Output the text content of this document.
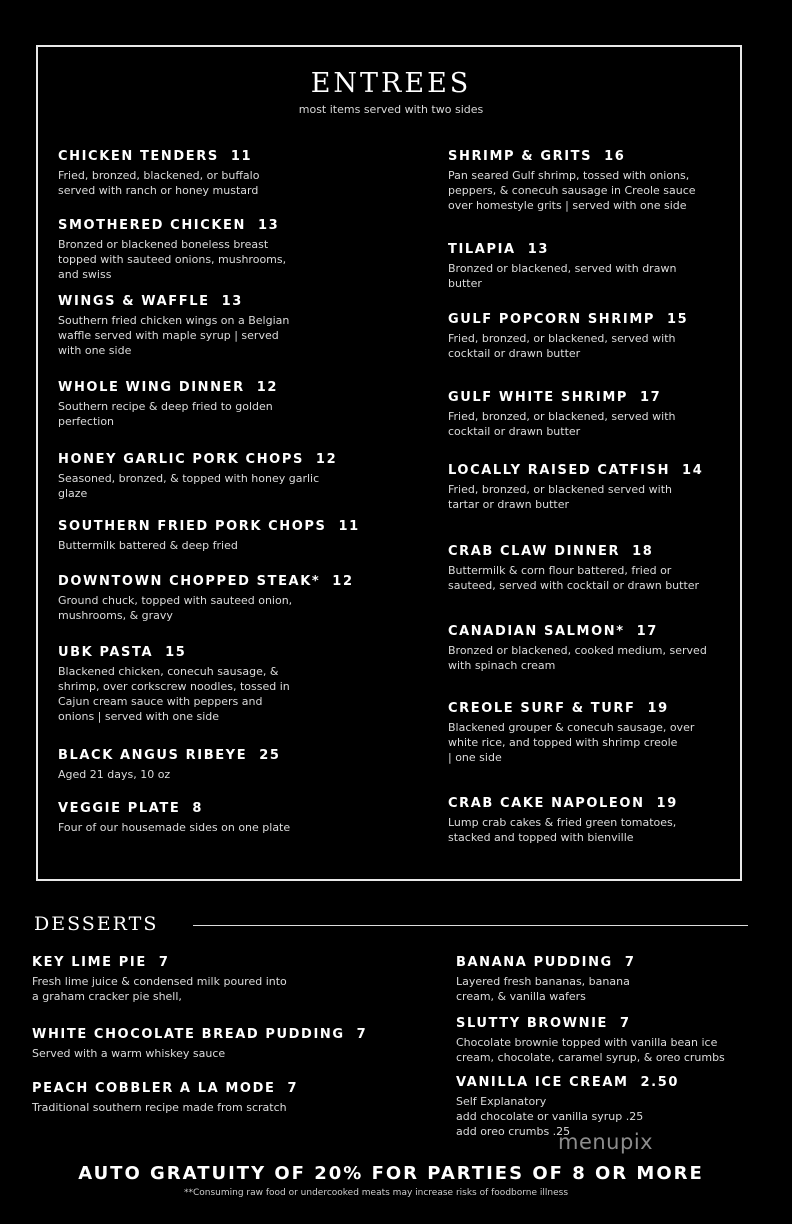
ENTREES
most items served with two sides
CHICKEN TENDERS 11
Fried, bronzed, blackened, or buffalo
served with ranch or honey mustard
SMOTHERED CHICKEN 13
Bronzed or blackened boneless breast
topped with sauteed onions, mushrooms,
and swiss
WINGS & WAFFLE 13
Southern fried chicken wings on a Belgian
waffle served with maple syrup | served
with one side
WHOLE WING DINNER 12
Southern recipe & deep fried to golden
perfection
HONEY GARLIC PORK CHOPS 12
Seasoned, bronzed, & topped with honey garlic
glaze
SOUTHERN FRIED PORK CHOPS 11
Buttermilk battered & deep fried
DOWNTOWN CHOPPED STEAK* 12
Ground chuck, topped with sauteed onion,
mushrooms, & gravy
UBK PASTA 15
Blackened chicken, conecuh sausage, &
shrimp, over corkscrew noodles, tossed in
Cajun cream sauce with peppers and
onions | served with one side
BLACK ANGUS RIBEYE 25
Aged 21 days, 10 oz
VEGGIE PLATE 8
Four of our housemade sides on one plate
SHRIMP & GRITS 16
Pan seared Gulf shrimp, tossed with onions,
peppers, & conecuh sausage in Creole sauce
over homestyle grits | served with one side
TILAPIA 13
Bronzed or blackened, served with drawn
butter
GULF POPCORN SHRIMP 15
Fried, bronzed, or blackened, served with
cocktail or drawn butter
GULF WHITE SHRIMP 17
Fried, bronzed, or blackened, served with
cocktail or drawn butter
LOCALLY RAISED CATFISH 14
Fried, bronzed, or blackened served with
tartar or drawn butter
CRAB CLAW DINNER 18
Buttermilk & corn flour battered, fried or
sauteed, served with cocktail or drawn butter
CANADIAN SALMON* 17
Bronzed or blackened, cooked medium, served
with spinach cream
CREOLE SURF & TURF 19
Blackened grouper & conecuh sausage, over
white rice, and topped with shrimp creole
| one side
CRAB CAKE NAPOLEON 19
Lump crab cakes & fried green tomatoes,
stacked and topped with bienville
KEY LIME PIE 7
Fresh lime juice & condensed milk poured into
a graham cracker pie shell,
WHITE CHOCOLATE BREAD PUDDING 7
Served with a warm whiskey sauce
PEACH COBBLER A LA MODE 7
Traditional southern recipe made from scratch
BANANA PUDDING 7
Layered fresh bananas, banana
cream, & vanilla wafers
SLUTTY BROWNIE 7
Chocolate brownie topped with vanilla bean ice
cream, chocolate, caramel syrup, & oreo crumbs
VANILLA ICE CREAM 2.50
Self Explanatory
add chocolate or vanilla syrup .25
add oreo crumbs .25
DESSERTS
AUTO GRATUITY OF 20% FOR PARTIES OF 8 OR MORE
**Consuming raw food or undercooked meats may increase risks of foodborne illness
menupix
